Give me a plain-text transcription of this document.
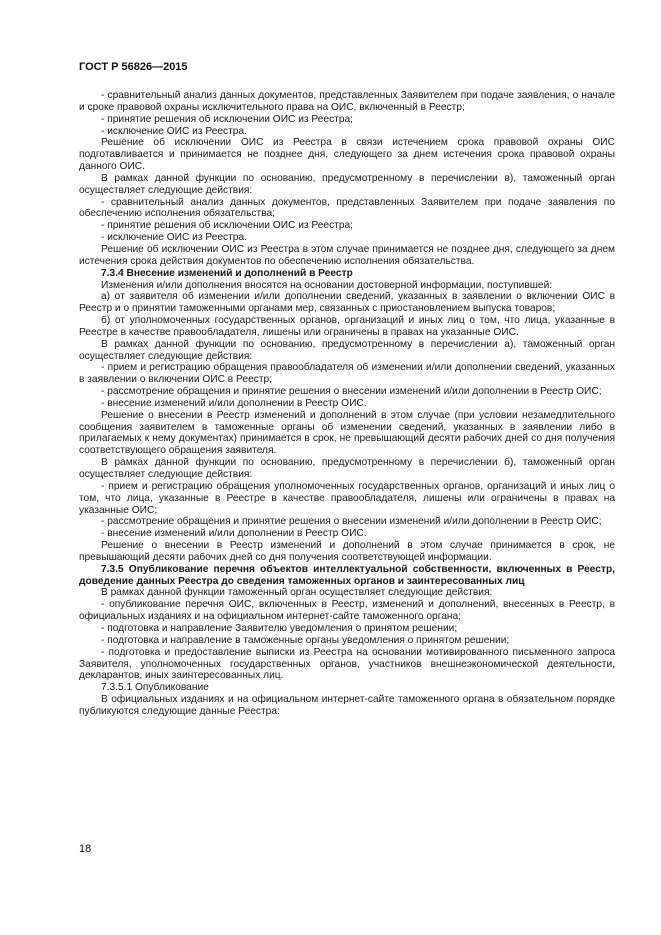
ГОСТ Р 56826—2015

- сравнительный анализ данных документов, представленных Заявителем при подаче заявления, о начале и сроке правовой охраны исключительного права на ОИС, включенный в Реестр;

- принятие решения об исключении ОИС из Реестра;

- исключение ОИС из Реестра.

Решение об исключении ОИС из Реестра в связи истечением срока правовой охраны ОИС подготавливается и принимается не позднее дня, следующего за днем истечения срока правовой охраны данного ОИС.

В рамках данной функции по основанию, предусмотренному в перечислении в), таможенный орган осуществляет следующие действия:

- сравнительный анализ данных документов, представленных Заявителем при подаче заявления по обеспечению исполнения обязательства;

- принятие решения об исключении ОИС из Реестра;

- исключение ОИС из Реестра.

Решение об исключении ОИС из Реестра в этом случае принимается не позднее дня, следующего за днем истечения срока действия документов по обеспечению исполнения обязательства.

7.3.4 Внесение изменений и дополнений в Реестр

Изменения и/или дополнения вносятся на основании достоверной информации, поступившей:

а) от заявителя об изменении и/или дополнении сведений, указанных в заявлении о включении ОИС в Реестр и о принятии таможенными органами мер, связанных с приостановлением выпуска товаров;

б) от уполномоченных государственных органов, организаций и иных лиц о том, что лица, указанные в Реестре в качестве правообладателя, лишены или ограничены в правах на указанные ОИС.

В рамках данной функции по основанию, предусмотренному в перечислении а), таможенный орган осуществляет следующие действия:

- прием и регистрацию обращения правообладателя об изменении и/или дополнении сведений, указанных в заявлении о включении ОИС в Реестр;

- рассмотрение обращения и принятие решения о внесении изменений и/или дополнении в Реестр ОИС;

- внесение изменений и/или дополнении в Реестр ОИС.

Решение о внесении в Реестр изменений и дополнений в этом случае (при условии незамедлительного сообщения заявителем в таможенные органы об изменении сведений, указанных в заявлении либо в прилагаемых к нему документах) принимается в срок, не превышающий десяти рабочих дней со дня получения соответствующего обращения заявителя.

В рамках данной функции по основанию, предусмотренному в перечислении б), таможенный орган осуществляет следующие действия:

- прием и регистрацию обращения уполномоченных государственных органов, организаций и иных лиц о том, что лица, указанные в Реестре в качестве правообладателя, лишены или ограничены в правах на указанные ОИС;

- рассмотрение обращения и принятие решения о внесении изменений и/или дополнении в Реестр ОИС;

- внесение изменений и/или дополнении в Реестр ОИС.

Решение о внесении в Реестр изменений и дополнений в этом случае принимается в срок, не превышающий десяти рабочих дней со дня получения соответствующей информации.

7.3.5 Опубликование перечня объектов интеллектуальной собственности, включенных в Реестр, доведение данных Реестра до сведения таможенных органов и заинтересованных лиц

В рамках данной функции таможенный орган осуществляет следующие действия:

- опубликование перечня ОИС, включенных в Реестр, изменений и дополнений, внесенных в Реестр, в официальных изданиях и на официальном интернет-сайте таможенного органа;

- подготовка и направление Заявителю уведомления о принятом решении;

- подготовка и направление в таможенные органы уведомления о принятом решении;

- подготовка и предоставление выписки из Реестра на основании мотивированного письменного запроса Заявителя, уполномоченных государственных органов, участников внешнеэкономической деятельности, декларантов, иных заинтересованных лиц.

7.3.5.1 Опубликование

В официальных изданиях и на официальном интернет-сайте таможенного органа в обязательном порядке публикуются следующие данные Реестра:

18
